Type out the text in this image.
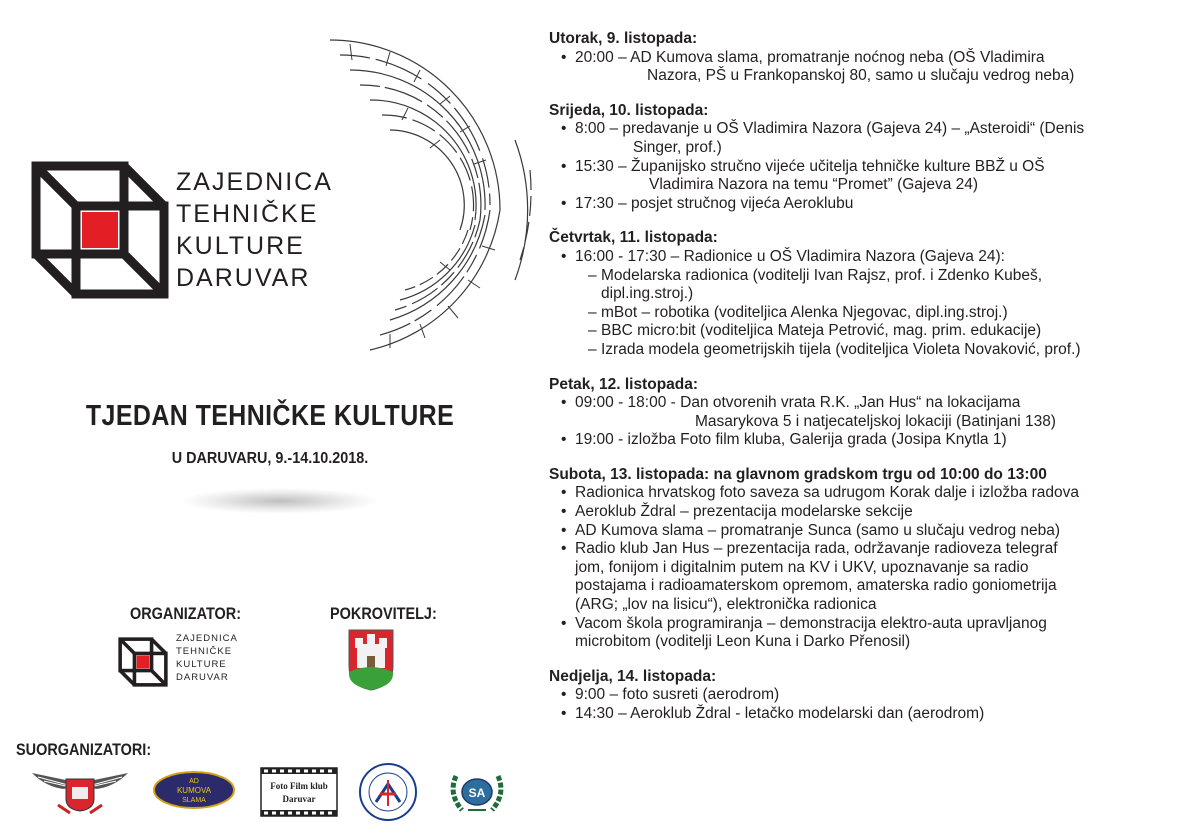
ZAJEDNICA
TEHNIČKE
KULTURE
DARUVAR
TJEDAN TEHNIČKE KULTURE
U DARUVARU, 9.-14.10.2018.
ORGANIZATOR:	POKROVITELJ:
ZAJEDNICA
TEHNIČKE
KULTURE
DARUVAR
SUORGANIZATORI:
AD
KUMOVA
SLAMA
Foto Film klub
Daruvar	SA
Utorak, 9. listopada:
• 20:00 – AD Kumova slama, promatranje noćnog neba (OŠ Vladimira
Nazora, PŠ u Frankopanskoj 80, samo u slučaju vedrog neba)
Srijeda, 10. listopada:
• 8:00 – predavanje u OŠ Vladimira Nazora (Gajeva 24) – „Asteroidi“ (Denis
Singer, prof.)
• 15:30 – Županijsko stručno vijeće učitelja tehničke kulture BBŽ u OŠ
Vladimira Nazora na temu “Promet” (Gajeva 24)
• 17:30 – posjet stručnog vijeća Aeroklubu
Četvrtak, 11. listopada:
• 16:00 - 17:30 – Radionice u OŠ Vladimira Nazora (Gajeva 24):
– Modelarska radionica (voditelji Ivan Rajsz, prof. i Zdenko Kubeš,
dipl.ing.stroj.)
– mBot – robotika (voditeljica Alenka Njegovac, dipl.ing.stroj.)
– BBC micro:bit (voditeljica Mateja Petrović, mag. prim. edukacije)
– Izrada modela geometrijskih tijela (voditeljica Violeta Novaković, prof.)
Petak, 12. listopada:
• 09:00 - 18:00 - Dan otvorenih vrata R.K. „Jan Hus“ na lokacijama
Masarykova 5 i natjecateljskoj lokaciji (Batinjani 138)
• 19:00 - izložba Foto film kluba, Galerija grada (Josipa Knytla 1)
Subota, 13. listopada: na glavnom gradskom trgu od 10:00 do 13:00
• Radionica hrvatskog foto saveza sa udrugom Korak dalje i izložba radova
• Aeroklub Ždral – prezentacija modelarske sekcije
• AD Kumova slama – promatranje Sunca (samo u slučaju vedrog neba)
• Radio klub Jan Hus – prezentacija rada, održavanje radioveza telegraf
jom, fonijom i digitalnim putem na KV i UKV, upoznavanje sa radio
postajama i radioamaterskom opremom, amaterska radio goniometrija
(ARG; „lov na lisicu“), elektronička radionica
• Vacom škola programiranja – demonstracija elektro-auta upravljanog
microbitom (voditelji Leon Kuna i Darko Přenosil)
Nedjelja, 14. listopada:
• 9:00 – foto susreti (aerodrom)
• 14:30 – Aeroklub Ždral - letačko modelarski dan (aerodrom)
